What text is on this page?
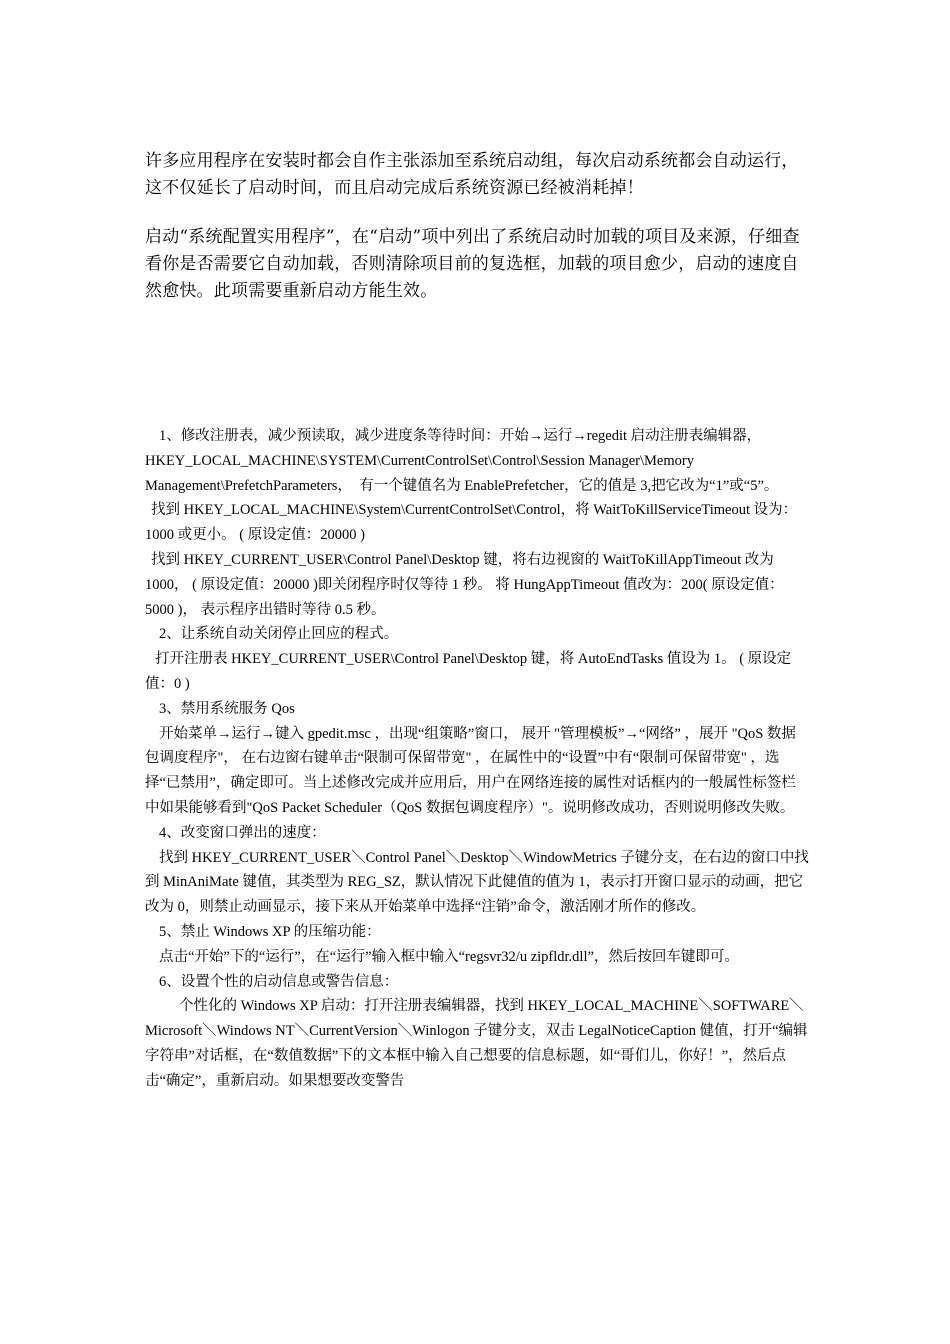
许多应用程序在安装时都会自作主张添加至系统启动组，每次启动系统都会自动运行，这不仅延长了启动时间，而且启动完成后系统资源已经被消耗掉！

启动“系统配置实用程序”，在“启动”项中列出了系统启动时加载的项目及来源，仔细查看你是否需要它自动加载，否则清除项目前的复选框，加载的项目愈少，启动的速度自然愈快。此项需要重新启动方能生效。

1、修改注册表，减少预读取，减少进度条等待时间：开始→运行→regedit 启动注册表编辑器，HKEY_LOCAL_MACHINE\SYSTEM\CurrentControlSet\Control\Session Manager\Memory Management\PrefetchParameters，　有一个键值名为 EnablePrefetcher，它的值是 3,把它改为“1”或“5”。

找到 HKEY_LOCAL_MACHINE\System\CurrentControlSet\Control，将 WaitToKillServiceTimeout 设为：1000 或更小。 ( 原设定值：20000 )

找到 HKEY_CURRENT_USER\Control Panel\Desktop 键，将右边视窗的 WaitToKillAppTimeout 改为 1000， ( 原设定值：20000 )即关闭程序时仅等待 1 秒。 将 HungAppTimeout 值改为：200( 原设定值：5000 )， 表示程序出错时等待 0.5 秒。

2、让系统自动关闭停止回应的程式。

打开注册表 HKEY_CURRENT_USER\Control Panel\Desktop 键，将 AutoEndTasks 值设为 1。 ( 原设定值：0 )

3、禁用系统服务 Qos

开始菜单→运行→键入 gpedit.msc ，出现“组策略”窗口， 展开 "管理模板”→“网络” ，展开 "QoS 数据包调度程序"， 在右边窗右键单击“限制可保留带宽" ，在属性中的“设置”中有“限制可保留带宽" ，选择“已禁用”，确定即可。当上述修改完成并应用后，用户在网络连接的属性对话框内的一般属性标签栏中如果能够看到"QoS Packet Scheduler（QoS 数据包调度程序）"。说明修改成功，否则说明修改失败。

4、改变窗口弹出的速度：

找到 HKEY_CURRENT_USER＼Control Panel＼Desktop＼WindowMetrics 子键分支，在右边的窗口中找到 MinAniMate 键值，其类型为 REG_SZ，默认情况下此健值的值为 1，表示打开窗口显示的动画，把它改为 0，则禁止动画显示，接下来从开始菜单中选择“注销”命令，激活刚才所作的修改。

5、禁止 Windows XP 的压缩功能：

点击“开始”下的“运行”，在“运行”输入框中输入“regsvr32/u zipfldr.dll”，然后按回车键即可。

6、设置个性的启动信息或警告信息：

个性化的 Windows XP 启动：打开注册表编辑器，找到 HKEY_LOCAL_MACHINE＼SOFTWARE＼Microsoft＼Windows NT＼CurrentVersion＼Winlogon 子键分支，双击 LegalNoticeCaption 健值，打开“编辑字符串”对话框，在“数值数据”下的文本框中输入自己想要的信息标题，如“哥们儿，你好！”，然后点击“确定”，重新启动。如果想要改变警告
